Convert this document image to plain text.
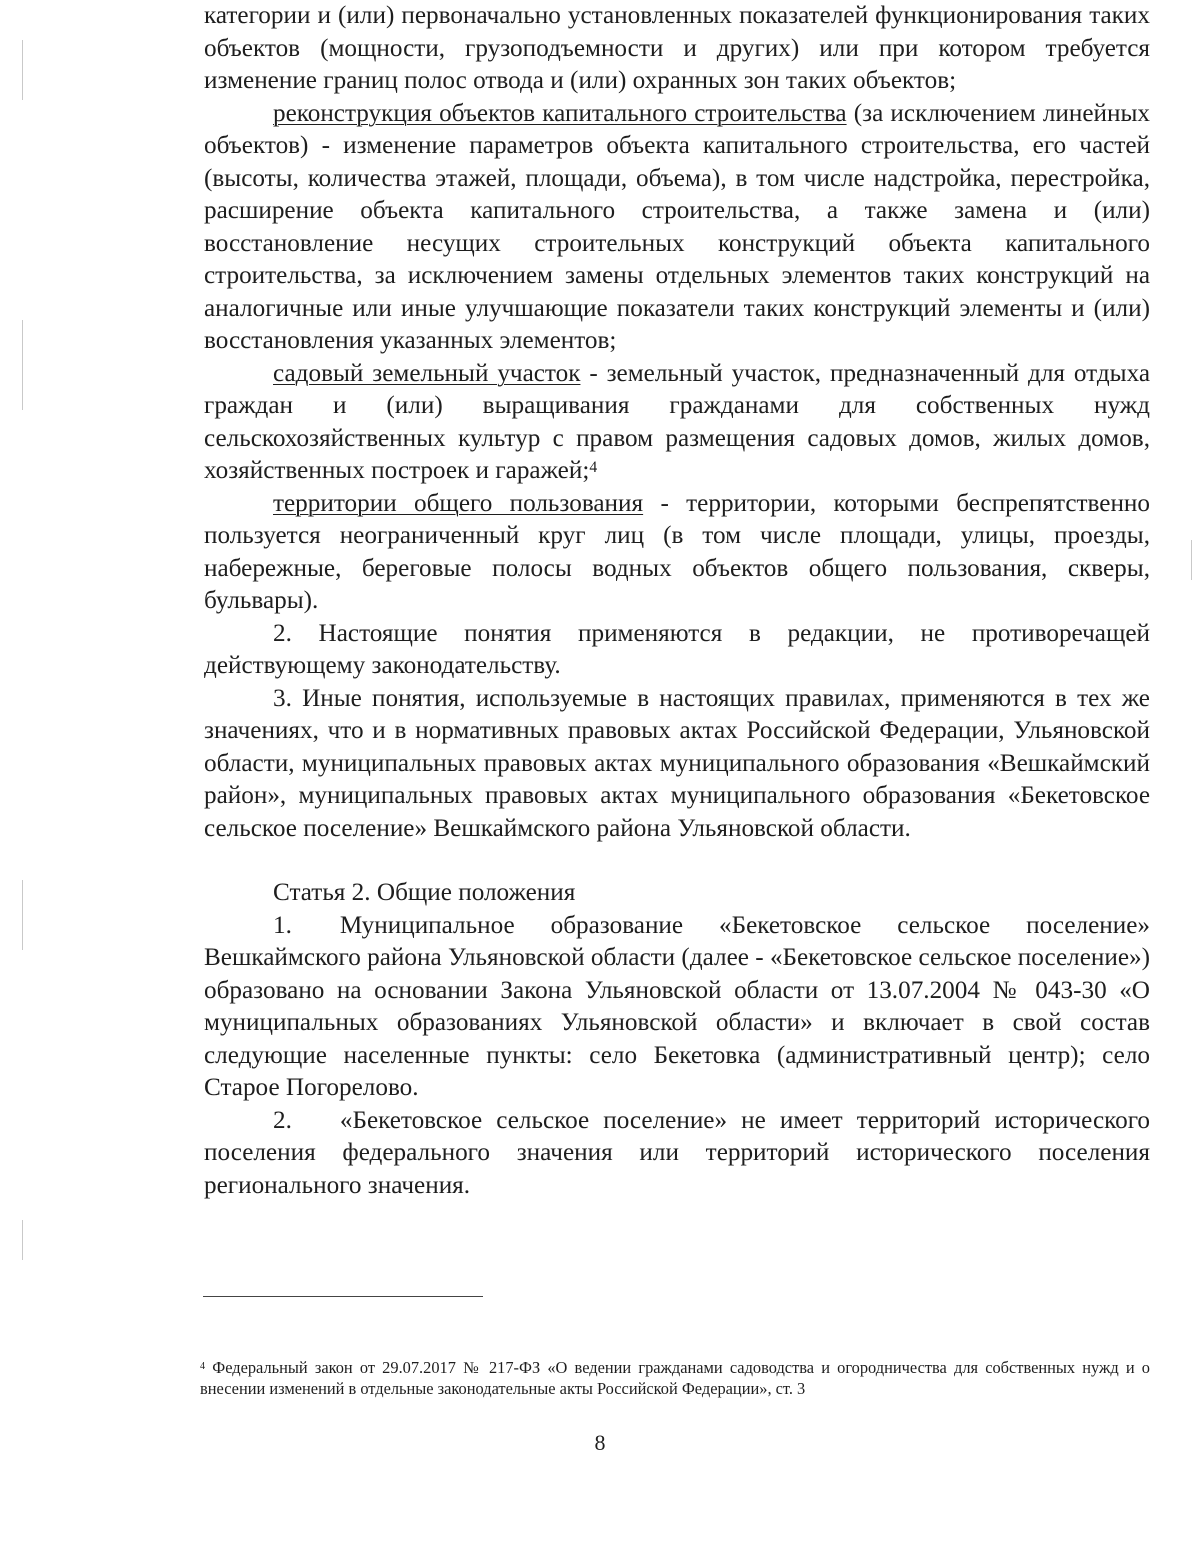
категории и (или) первоначально установленных показателей функционирования таких объектов (мощности, грузоподъемности и других) или при котором требуется изменение границ полос отвода и (или) охранных зон таких объектов;

реконструкция объектов капитального строительства (за исключением линейных объектов) - изменение параметров объекта капитального строительства, его частей (высоты, количества этажей, площади, объема), в том числе надстройка, перестройка, расширение объекта капитального строительства, а также замена и (или) восстановление несущих строительных конструкций объекта капитального строительства, за исключением замены отдельных элементов таких конструкций на аналогичные или иные улучшающие показатели таких конструкций элементы и (или) восстановления указанных элементов;

садовый земельный участок - земельный участок, предназначенный для отдыха граждан и (или) выращивания гражданами для собственных нужд сельскохозяйственных культур с правом размещения садовых домов, жилых домов, хозяйственных построек и гаражей;$^4$

территории общего пользования - территории, которыми беспрепятственно пользуется неограниченный круг лиц (в том числе площади, улицы, проезды, набережные, береговые полосы водных объектов общего пользования, скверы, бульвары).

2. Настоящие понятия применяются в редакции, не противоречащей действующему законодательству.

3. Иные понятия, используемые в настоящих правилах, применяются в тех же значениях, что и в нормативных правовых актах Российской Федерации, Ульяновской области, муниципальных правовых актах муниципального образования «Вешкаймский район», муниципальных правовых актах муниципального образования «Бекетовское сельское поселение» Вешкаймского района Ульяновской области.

Статья 2. Общие положения

1. Муниципальное образование «Бекетовское сельское поселение» Вешкаймского района Ульяновской области (далее - «Бекетовское сельское поселение») образовано на основании Закона Ульяновской области от 13.07.2004 № 043-30 «О муниципальных образованиях Ульяновской области» и включает в свой состав следующие населенные пункты: село Бекетовка (административный центр); село Старое Погорелово.

2. «Бекетовское сельское поселение» не имеет территорий исторического поселения федерального значения или территорий исторического поселения регионального значения.

$^4$ Федеральный закон от 29.07.2017 № 217-ФЗ «О ведении гражданами садоводства и огородничества для собственных нужд и о внесении изменений в отдельные законодательные акты Российской Федерации», ст. 3

8
